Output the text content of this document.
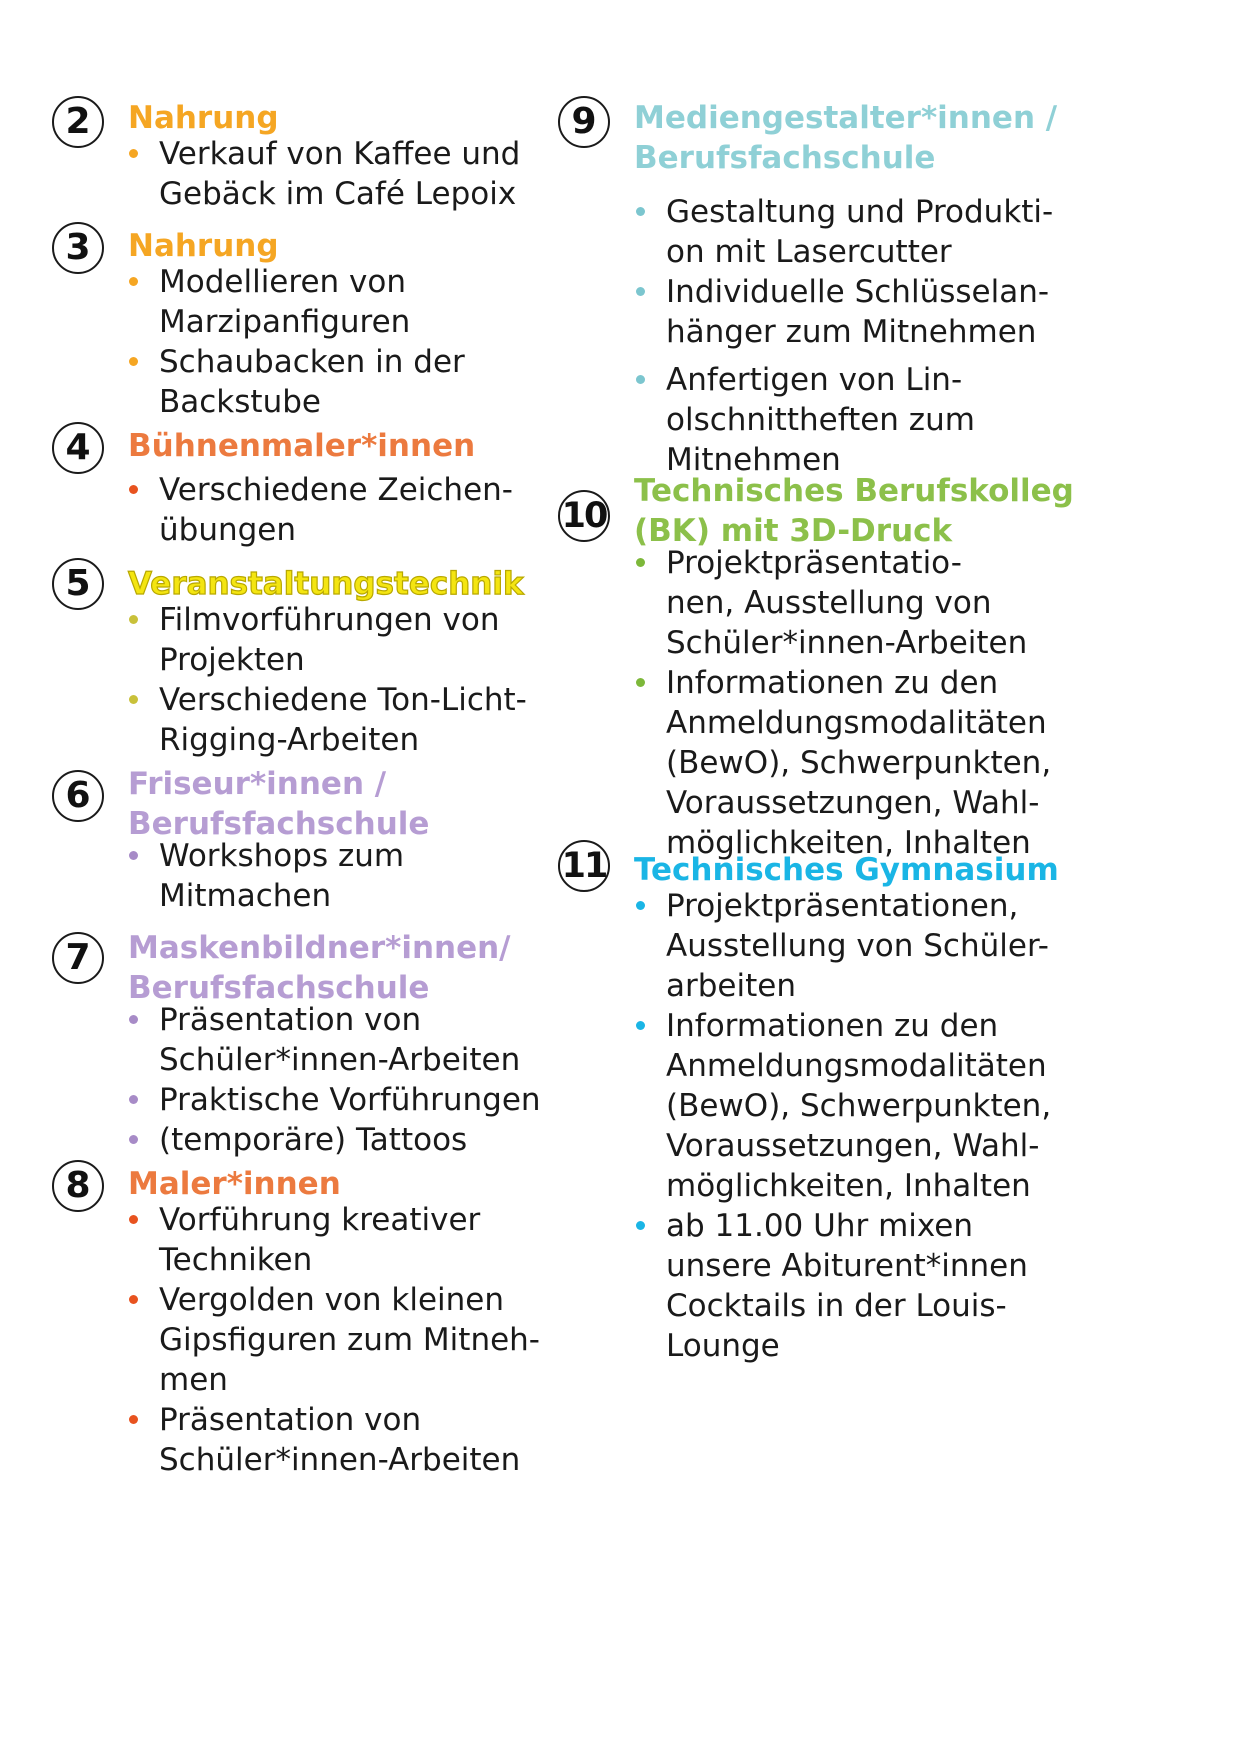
2	Nahrung
Verkauf von Kaffee und
Gebäck im Café Lepoix
3	Nahrung
Modellieren von
Marzipanfiguren
Schaubacken in der
Backstube
4	Bühnenmaler*innen
Verschiedene Zeichen-
übungen
5	Veranstaltungstechnik
Filmvorführungen von
Projekten
Verschiedene Ton-Licht-
Rigging-Arbeiten
6	Friseur*innen /
Berufsfachschule
Workshops zum
Mitmachen
7	Maskenbildner*innen/
Berufsfachschule
Präsentation von
Schüler*innen-Arbeiten
Praktische Vorführungen
(temporäre) Tattoos
8	Maler*innen
Vorführung kreativer
Techniken
Vergolden von kleinen
Gipsfiguren zum Mitneh-
men
Präsentation von
Schüler*innen-Arbeiten
9	Mediengestalter*innen /
Berufsfachschule
Gestaltung und Produkti-
on mit Lasercutter
Individuelle Schlüsselan-
hänger zum Mitnehmen
Anfertigen von Lin-
olschnittheften zum
Mitnehmen
10
Technisches Berufskolleg
(BK) mit 3D-Druck
Projektpräsentatio-
nen, Ausstellung von
Schüler*innen-Arbeiten
Informationen zu den
Anmeldungsmodalitäten
(BewO), Schwerpunkten,
Voraussetzungen, Wahl-
möglichkeiten, Inhalten
11 Technisches Gymnasium
Projektpräsentationen,
Ausstellung von Schüler-
arbeiten
Informationen zu den
Anmeldungsmodalitäten
(BewO), Schwerpunkten,
Voraussetzungen, Wahl-
möglichkeiten, Inhalten
ab 11.00 Uhr mixen
unsere Abiturent*innen
Cocktails in der Louis-
Lounge
